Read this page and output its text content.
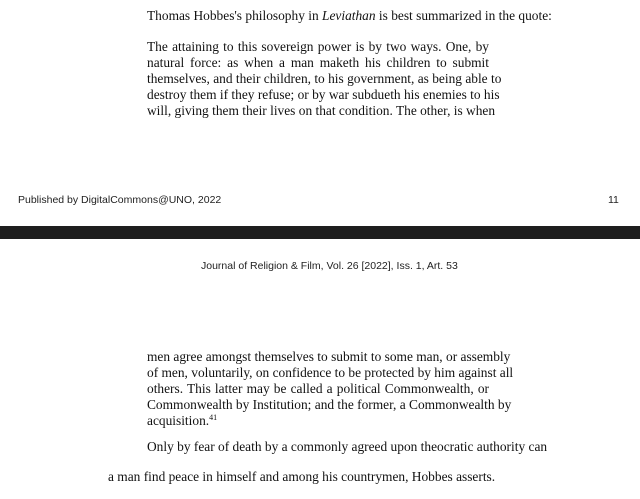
Thomas Hobbes's philosophy in Leviathan is best summarized in the quote:
The attaining to this sovereign power is by two ways. One, by
natural force: as when a man maketh his children to submit
themselves, and their children, to his government, as being able to
destroy them if they refuse; or by war subdueth his enemies to his
will, giving them their lives on that condition. The other, is when
Published by DigitalCommons@UNO, 2022	11
Journal of Religion & Film, Vol. 26 [2022], Iss. 1, Art. 53
men agree amongst themselves to submit to some man, or assembly
of men, voluntarily, on confidence to be protected by him against all
others. This latter may be called a political Commonwealth, or
Commonwealth by Institution; and the former, a Commonwealth by
acquisition.$^{41}$
Only by fear of death by a commonly agreed upon theocratic authority can
a man find peace in himself and among his countrymen, Hobbes asserts.
